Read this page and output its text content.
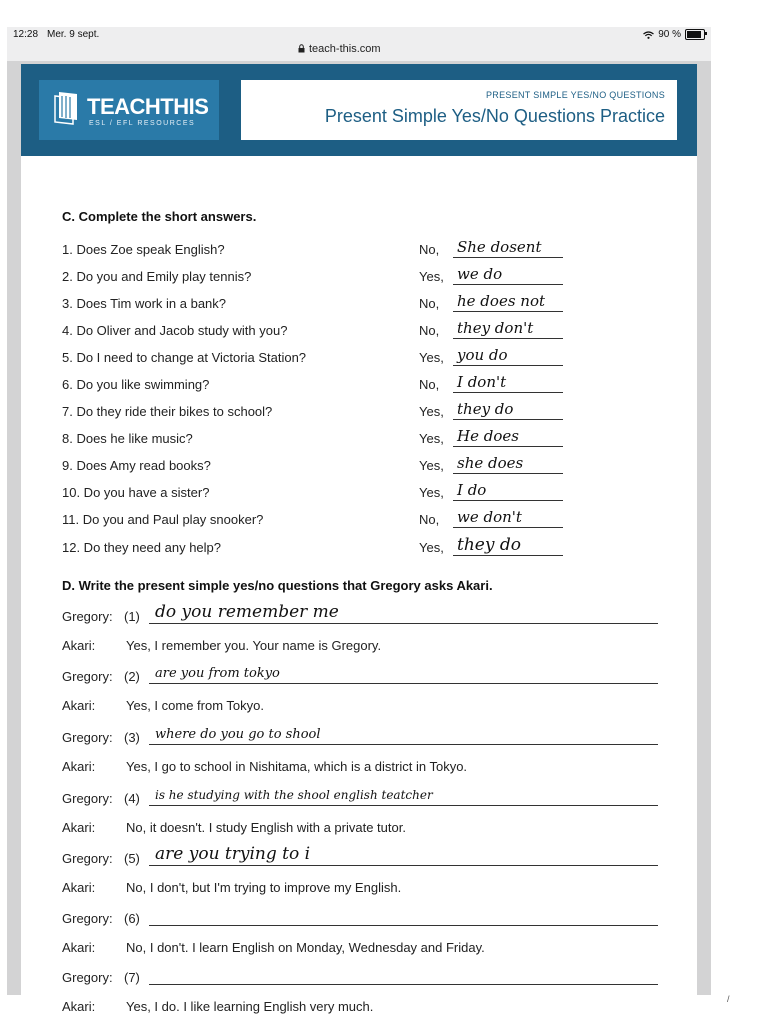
12:28 Mer. 9 sept.
teach-this.com
90 %
TEACHTHIS
ESL / EFL RESOURCES
PRESENT SIMPLE YES/NO QUESTIONS
Present Simple Yes/No Questions Practice
C. Complete the short answers.
1. Does Zoe speak English?	No, She dosent
2. Do you and Emily play tennis?	Yes, we do
3. Does Tim work in a bank?	No, he does not
4. Do Oliver and Jacob study with you?	No, they don't
5. Do I need to change at Victoria Station?	Yes, you do
6. Do you like swimming?	No, I don't
7. Do they ride their bikes to school?	Yes, they do
8. Does he like music?	Yes, He does
9. Does Amy read books?	Yes, she does
10. Do you have a sister?	Yes, I do
11. Do you and Paul play snooker?	No, we don't
12. Do they need any help?	Yes, they do
D. Write the present simple yes/no questions that Gregory asks Akari.
Gregory: (1) do you remember me
Akari: Yes, I remember you. Your name is Gregory.
Gregory: (2) are you from tokyo
Akari: Yes, I come from Tokyo.
Gregory: (3) where do you go to shool
Akari: Yes, I go to school in Nishitama, which is a district in Tokyo.
Gregory: (4) is he studying with the shool english teatcher
Akari: No, it doesn't. I study English with a private tutor.
Gregory: (5) are you trying to i
Akari: No, I don't, but I'm trying to improve my English.
Gregory: (6)
Akari: No, I don't. I learn English on Monday, Wednesday and Friday.
Gregory: (7)
Akari: Yes, I do. I like learning English very much.	/
